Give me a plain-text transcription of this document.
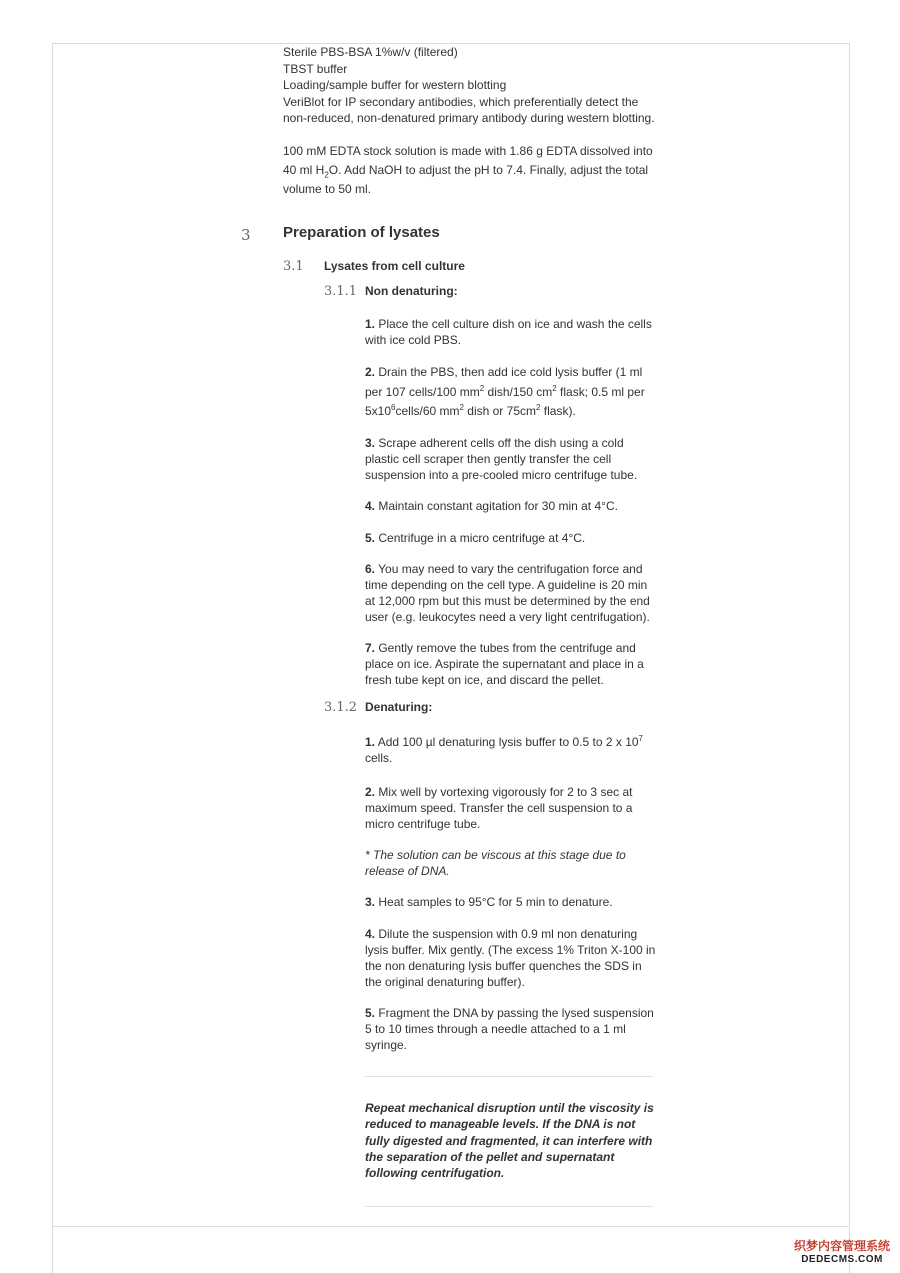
Sterile PBS-BSA 1%w/v (filtered)
TBST buffer
Loading/sample buffer for western blotting
VeriBlot for IP secondary antibodies, which preferentially detect the
non-reduced, non-denatured primary antibody during western blotting.
100 mM EDTA stock solution is made with 1.86 g EDTA dissolved into 40 ml $H_2O$. Add NaOH to adjust the pH to 7.4. Finally, adjust the total volume to 50 ml.
3 Preparation of lysates
3.1 Lysates from cell culture
3.1.1 Non denaturing:
1. Place the cell culture dish on ice and wash the cells with ice cold PBS.
2. Drain the PBS, then add ice cold lysis buffer (1 ml per 107 cells/100 $mm^2$ dish/150 $cm^2$ flask; 0.5 ml per $5x10^6cells/60$ $mm^2$ dish or $75cm^2$ flask).
3. Scrape adherent cells off the dish using a cold plastic cell scraper then gently transfer the cell suspension into a pre-cooled micro centrifuge tube.
4. Maintain constant agitation for 30 min at 4°C.
5. Centrifuge in a micro centrifuge at 4°C.
6. You may need to vary the centrifugation force and time depending on the cell type. A guideline is 20 min at 12,000 rpm but this must be determined by the end user (e.g. leukocytes need a very light centrifugation).
7. Gently remove the tubes from the centrifuge and place on ice. Aspirate the supernatant and place in a fresh tube kept on ice, and discard the pellet.
3.1.2 Denaturing:
1. Add 100 µl denaturing lysis buffer to 0.5 to 2 x $10^7$ cells.
2. Mix well by vortexing vigorously for 2 to 3 sec at maximum speed. Transfer the cell suspension to a micro centrifuge tube.
* The solution can be viscous at this stage due to release of DNA.
3. Heat samples to 95°C for 5 min to denature.
4. Dilute the suspension with 0.9 ml non denaturing lysis buffer. Mix gently. (The excess 1% Triton X-100 in the non denaturing lysis buffer quenches the SDS in the original denaturing buffer).
5. Fragment the DNA by passing the lysed suspension 5 to 10 times through a needle attached to a 1 ml syringe.
Repeat mechanical disruption until the viscosity is reduced to manageable levels. If the DNA is not fully digested and fragmented, it can interfere with the separation of the pellet and supernatant following centrifugation.
织梦内容管理系统
DEDECMS.COM
